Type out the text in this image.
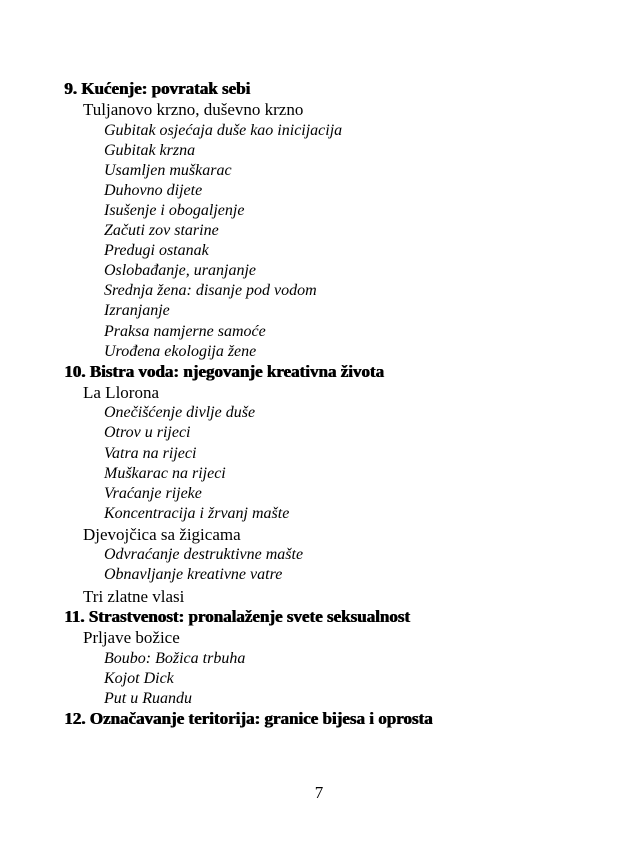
9. Kućenje: povratak sebi
Tuljanovo krzno, duševno krzno
Gubitak osjećaja duše kao inicijacija
Gubitak krzna
Usamljen muškarac
Duhovno dijete
Isušenje i obogaljenje
Začuti zov starine
Predugi ostanak
Oslobađanje, uranjanje
Srednja žena: disanje pod vodom
Izranjanje
Praksa namjerne samoće
Urođena ekologija žene
10. Bistra voda: njegovanje kreativna života
La Llorona
Onečišćenje divlje duše
Otrov u rijeci
Vatra na rijeci
Muškarac na rijeci
Vraćanje rijeke
Koncentracija i žrvanj mašte
Djevojčica sa žigicama
Odvraćanje destruktivne mašte
Obnavljanje kreativne vatre
Tri zlatne vlasi
11. Strastvenost: pronalaženje svete seksualnost
Prljave božice
Boubo: Božica trbuha
Kojot Dick
Put u Ruandu
12. Označavanje teritorija: granice bijesa i oprosta
7
